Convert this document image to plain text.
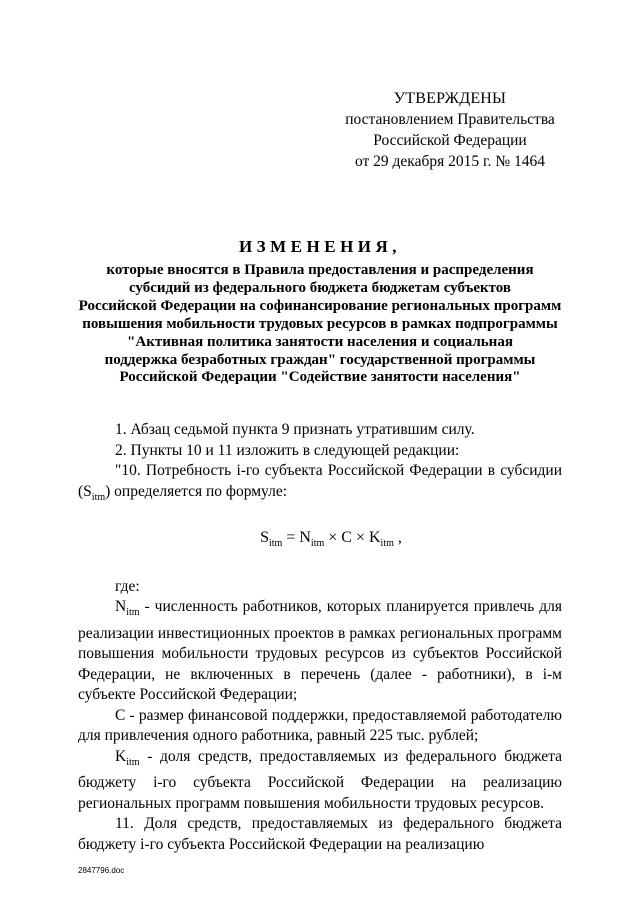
УТВЕРЖДЕНЫ
постановлением Правительства
Российской Федерации
от 29 декабря 2015 г. № 1464
ИЗМЕНЕНИЯ,
которые вносятся в Правила предоставления и распределения
субсидий из федерального бюджета бюджетам субъектов
Российской Федерации на софинансирование региональных программ
повышения мобильности трудовых ресурсов в рамках подпрограммы
"Активная политика занятости населения и социальная
поддержка безработных граждан" государственной программы
Российской Федерации "Содействие занятости населения"

1. Абзац седьмой пункта 9 признать утратившим силу.

2. Пункты 10 и 11 изложить в следующей редакции:

"10. Потребность i-го субъекта Российской Федерации в субсидии $(S_{itm})$ определяется по формуле:

$S_{itm} = N_{itm} \times C \times K_{itm}$ ,

где:

$N_{itm}$ - численность работников, которых планируется привлечь для реализации инвестиционных проектов в рамках региональных программ повышения мобильности трудовых ресурсов из субъектов Российской Федерации, не включенных в перечень (далее - работники), в i-м субъекте Российской Федерации;

C - размер финансовой поддержки, предоставляемой работодателю для привлечения одного работника, равный 225 тыс. рублей;

$K_{itm}$ - доля средств, предоставляемых из федерального бюджета бюджету i-го субъекта Российской Федерации на реализацию региональных программ повышения мобильности трудовых ресурсов.

11. Доля средств, предоставляемых из федерального бюджета бюджету i-го субъекта Российской Федерации на реализацию

2847796.doc
